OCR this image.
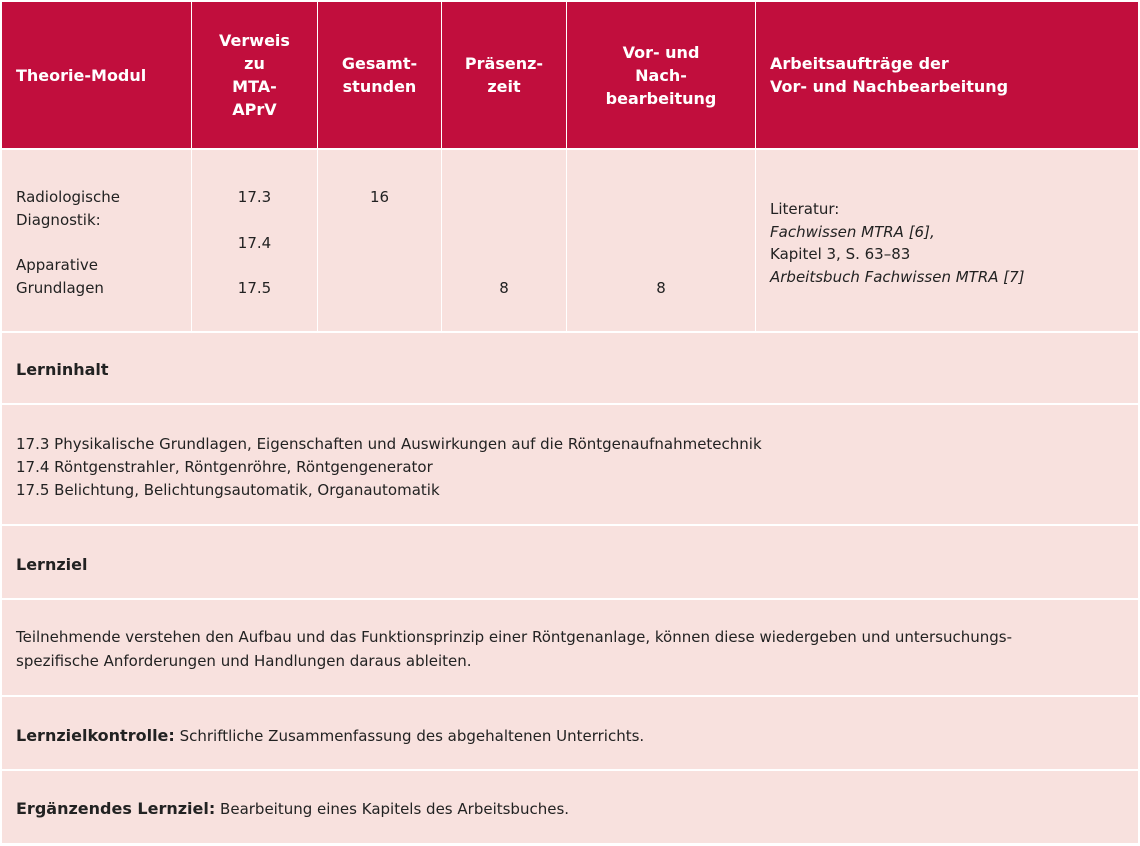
Theorie-Modul
Verweis
zu
MTA-
APrV
Gesamt-
stunden
Präsenz-
zeit
Vor- und
Nach-
bearbeitung
Arbeitsaufträge der
Vor- und Nachbearbeitung
Radiologische
Diagnostik:
Apparative
Grundlagen
17.3
17.4
17.5
16
8	8
Literatur:
Fachwissen MTRA [6],
Kapitel 3, S. 63–83
Arbeitsbuch Fachwissen MTRA [7]
Lerninhalt
17.3 Physikalische Grundlagen, Eigenschaften und Auswirkungen auf die Röntgenaufnahmetechnik
17.4 Röntgenstrahler, Röntgenröhre, Röntgengenerator
17.5 Belichtung, Belichtungsautomatik, Organautomatik
Lernziel
Teilnehmende verstehen den Aufbau und das Funktionsprinzip einer Röntgenanlage, können diese wiedergeben und untersuchungs-
spezifische Anforderungen und Handlungen daraus ableiten.
Lernzielkontrolle: Schriftliche Zusammenfassung des abgehaltenen Unterrichts.
Ergänzendes Lernziel: Bearbeitung eines Kapitels des Arbeitsbuches.
